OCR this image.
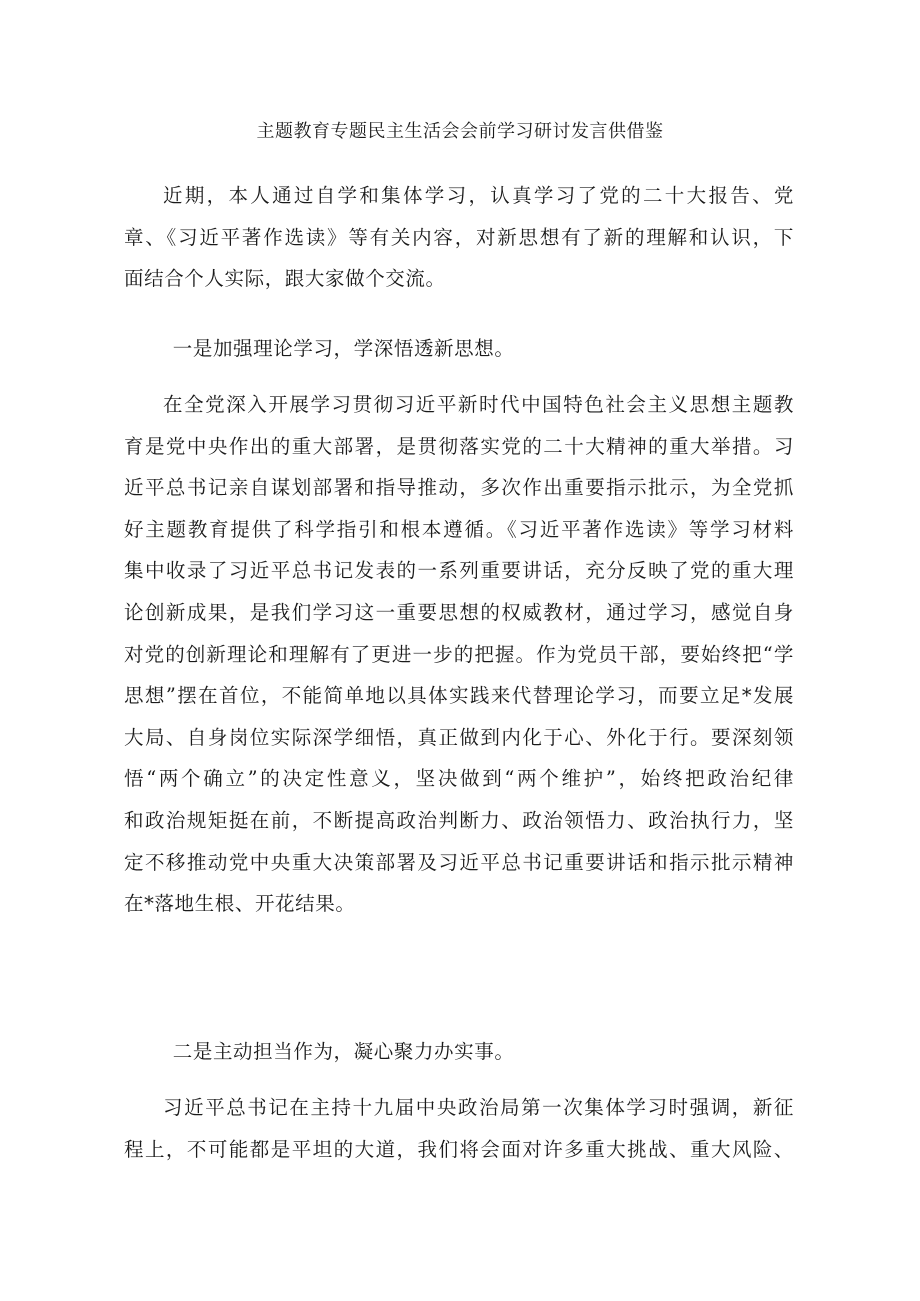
主题教育专题民主生活会会前学习研讨发言供借鉴
近期，本人通过自学和集体学习，认真学习了党的二十大报告、党
章、《习近平著作选读》等有关内容，对新思想有了新的理解和认识，下
面结合个人实际，跟大家做个交流。
一是加强理论学习，学深悟透新思想。
在全党深入开展学习贯彻习近平新时代中国特色社会主义思想主题教
育是党中央作出的重大部署，是贯彻落实党的二十大精神的重大举措。习
近平总书记亲自谋划部署和指导推动，多次作出重要指示批示，为全党抓
好主题教育提供了科学指引和根本遵循。《习近平著作选读》等学习材料
集中收录了习近平总书记发表的一系列重要讲话，充分反映了党的重大理
论创新成果，是我们学习这一重要思想的权威教材，通过学习，感觉自身
对党的创新理论和理解有了更进一步的把握。作为党员干部，要始终把“学
思想”摆在首位，不能简单地以具体实践来代替理论学习，而要立足*发展
大局、自身岗位实际深学细悟，真正做到内化于心、外化于行。要深刻领
悟“两个确立”的决定性意义，坚决做到“两个维护”，始终把政治纪律
和政治规矩挺在前，不断提高政治判断力、政治领悟力、政治执行力，坚
定不移推动党中央重大决策部署及习近平总书记重要讲话和指示批示精神
在*落地生根、开花结果。
二是主动担当作为，凝心聚力办实事。
习近平总书记在主持十九届中央政治局第一次集体学习时强调，新征
程上，不可能都是平坦的大道，我们将会面对许多重大挑战、重大风险、
